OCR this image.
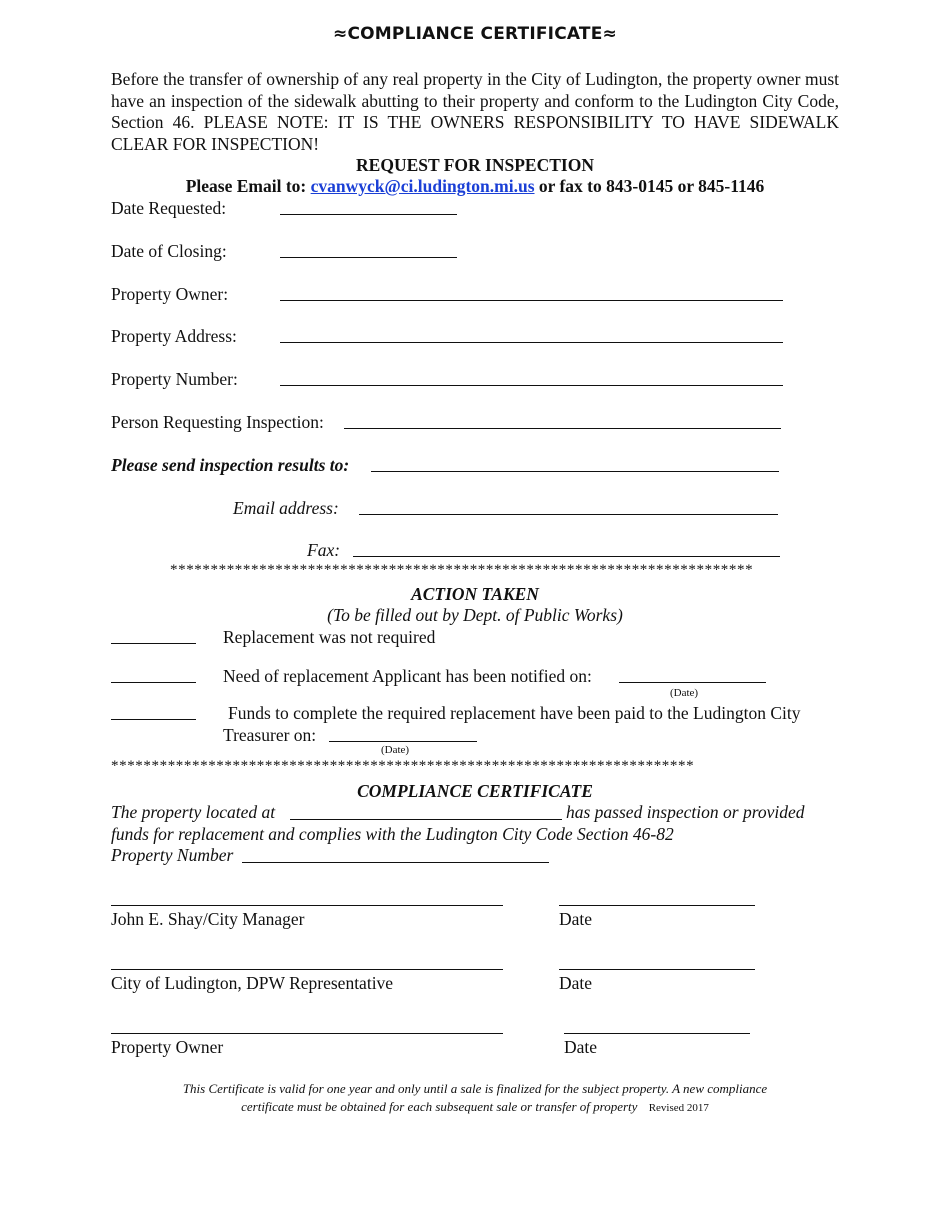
≈COMPLIANCE CERTIFICATE≈
Before the transfer of ownership of any real property in the City of Ludington, the property owner must have an inspection of the sidewalk abutting to their property and conform to the Ludington City Code, Section 46. PLEASE NOTE: IT IS THE OWNERS RESPONSIBILITY TO HAVE SIDEWALK CLEAR FOR INSPECTION!
REQUEST FOR INSPECTION
Please Email to: cvanwyck@ci.ludington.mi.us or fax to 843-0145 or 845-1146
Date Requested:
Date of Closing:
Property Owner:
Property Address:
Property Number:
Person Requesting Inspection:
Please send inspection results to:
Email address:
Fax:
************************************************************************
ACTION TAKEN
(To be filled out by Dept. of Public Works)
Replacement was not required
Need of replacement Applicant has been notified on:
(Date)
Funds to complete the required replacement have been paid to the Ludington City
Treasurer on:
(Date)
************************************************************************
COMPLIANCE CERTIFICATE
The property located at	has passed inspection or provided
funds for replacement and complies with the Ludington City Code Section 46-82
Property Number
John E. Shay/City Manager	Date
City of Ludington, DPW Representative	Date
Property Owner	Date
This Certificate is valid for one year and only until a sale is finalized for the subject property. A new compliance
certificate must be obtained for each subsequent sale or transfer of property Revised 2017
